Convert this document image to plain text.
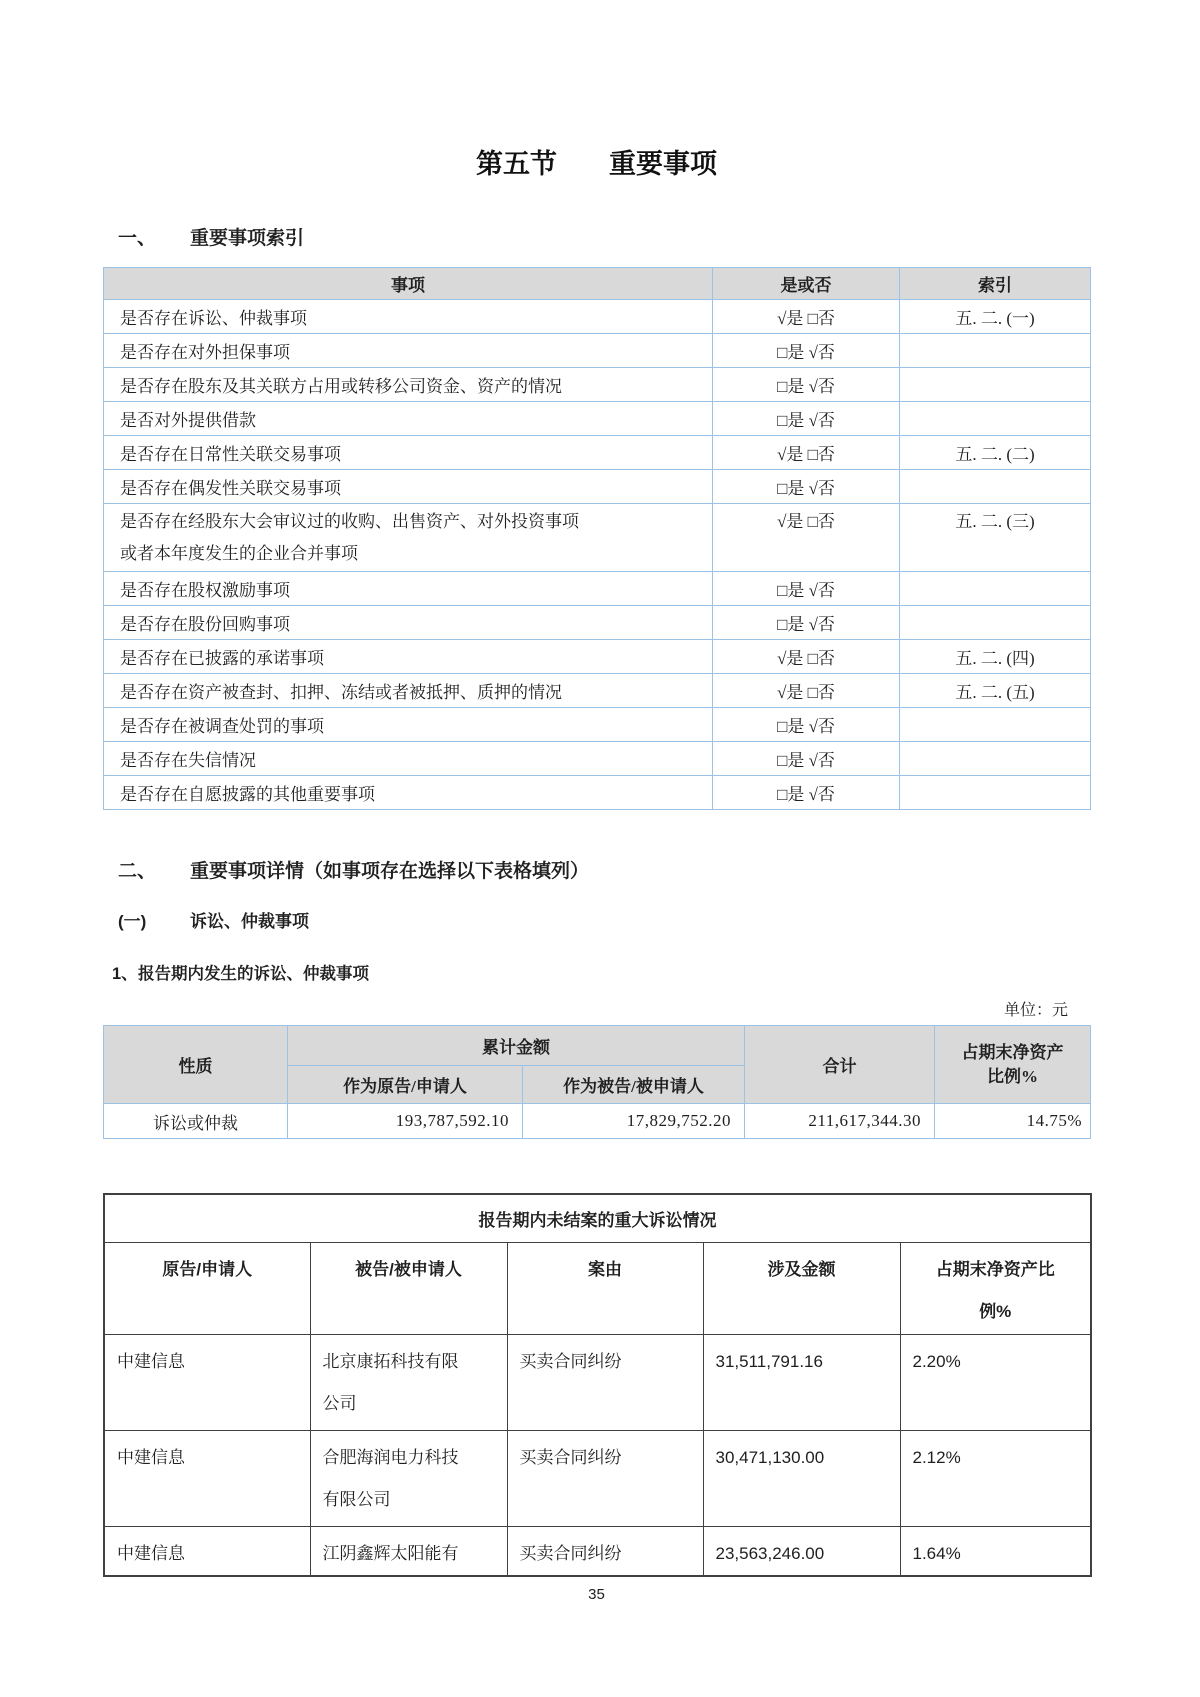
第五节 重要事项
一、	重要事项索引
事项	是或否	索引
是否存在诉讼、仲裁事项	√是 □否	五. 二. (一)
是否存在对外担保事项	□是 √否	
是否存在股东及其关联方占用或转移公司资金、资产的情况	□是 √否	
是否对外提供借款	□是 √否	
是否存在日常性关联交易事项	√是 □否	五. 二. (二)
是否存在偶发性关联交易事项	□是 √否	

是否存在经股东大会审议过的收购、出售资产、对外投资事项或者本年度发生的企业合并事项	√是 □否	五. 二. (三)
是否存在股权激励事项	□是 √否	
是否存在股份回购事项	□是 √否	
是否存在已披露的承诺事项	√是 □否	五. 二. (四)
是否存在资产被查封、扣押、冻结或者被抵押、质押的情况	√是 □否	五. 二. (五)
是否存在被调查处罚的事项	□是 √否	
是否存在失信情况	□是 √否	
是否存在自愿披露的其他重要事项	□是 √否	
二、	重要事项详情（如事项存在选择以下表格填列）
(一)	诉讼、仲裁事项
1、 报告期内发生的诉讼、仲裁事项
单位：元
性质	累计金额		合计	占期末净资产比例%
	作为原告/申请人	作为被告/被申请人		
诉讼或仲裁	193,787,592.10	17,829,752.20	211,617,344.30	14.75%
报告期内未结案的重大诉讼情况				
原告/申请人	被告/被申请人	案由	涉及金额	占期末净资产比例%
中建信息	北京康拓科技有限公司	买卖合同纠纷	31,511,791.16	2.20%
中建信息	合肥海润电力科技有限公司	买卖合同纠纷	30,471,130.00	2.12%
中建信息	江阴鑫辉太阳能有	买卖合同纠纷	23,563,246.00	1.64%
35
